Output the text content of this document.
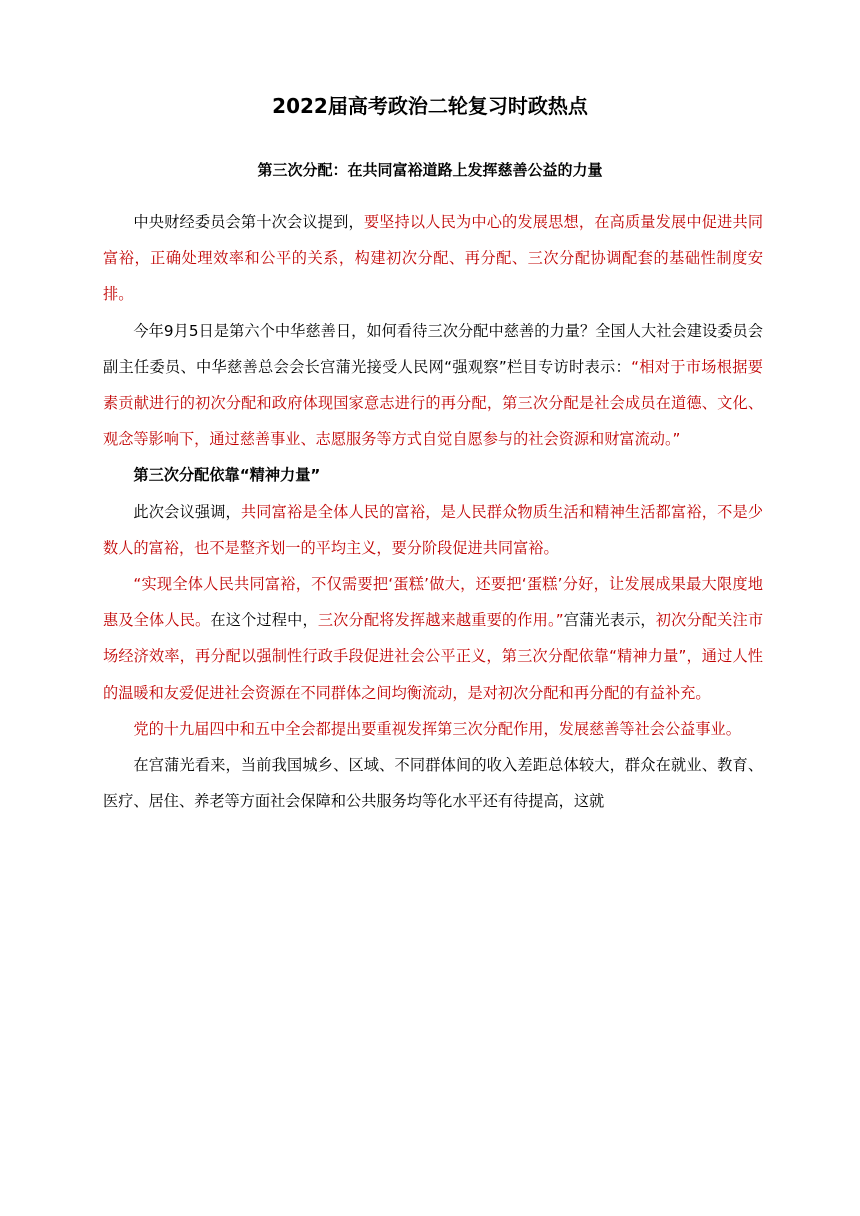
2022届高考政治二轮复习时政热点
第三次分配：在共同富裕道路上发挥慈善公益的力量

中央财经委员会第十次会议提到，要坚持以人民为中心的发展思想，在高质量发展中促进共同富裕，正确处理效率和公平的关系，构建初次分配、再分配、三次分配协调配套的基础性制度安排。

今年9月5日是第六个中华慈善日，如何看待三次分配中慈善的力量？全国人大社会建设委员会副主任委员、中华慈善总会会长宫蒲光接受人民网“强观察”栏目专访时表示：“相对于市场根据要素贡献进行的初次分配和政府体现国家意志进行的再分配，第三次分配是社会成员在道德、文化、观念等影响下，通过慈善事业、志愿服务等方式自觉自愿参与的社会资源和财富流动。”

第三次分配依靠“精神力量”

此次会议强调，共同富裕是全体人民的富裕，是人民群众物质生活和精神生活都富裕，不是少数人的富裕，也不是整齐划一的平均主义，要分阶段促进共同富裕。

“实现全体人民共同富裕，不仅需要把‘蛋糕’做大，还要把‘蛋糕’分好，让发展成果最大限度地惠及全体人民。在这个过程中，三次分配将发挥越来越重要的作用。”宫蒲光表示，初次分配关注市场经济效率，再分配以强制性行政手段促进社会公平正义，第三次分配依靠“精神力量”，通过人性的温暖和友爱促进社会资源在不同群体之间均衡流动，是对初次分配和再分配的有益补充。

党的十九届四中和五中全会都提出要重视发挥第三次分配作用，发展慈善等社会公益事业。

在宫蒲光看来，当前我国城乡、区域、不同群体间的收入差距总体较大，群众在就业、教育、医疗、居住、养老等方面社会保障和公共服务均等化水平还有待提高，这就
